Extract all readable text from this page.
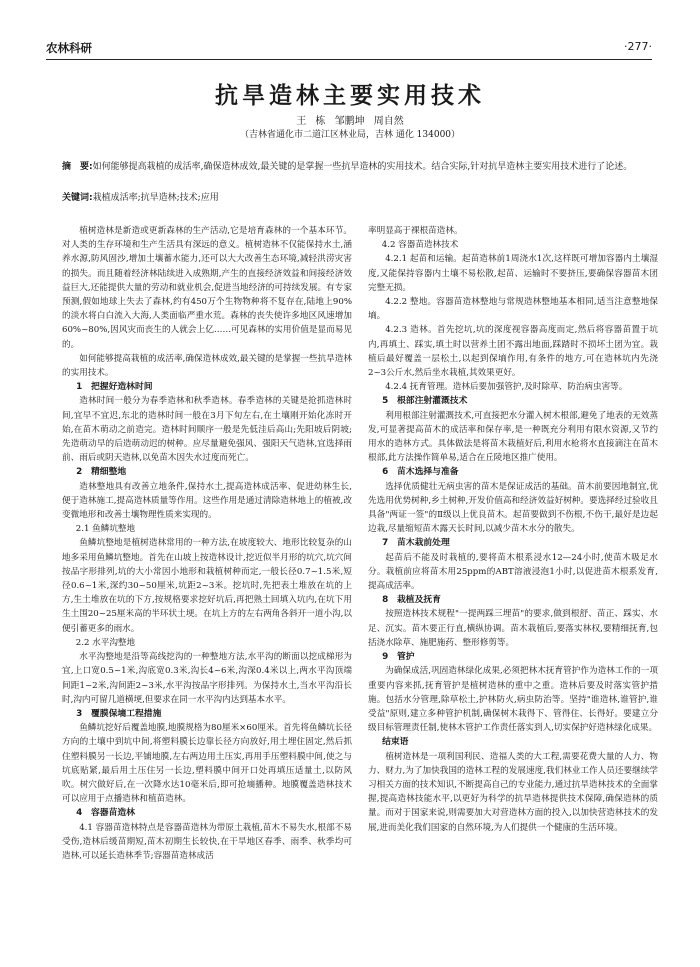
农林科研	·277·
抗旱造林主要实用技术
王 栋 邹鹏坤 周自然
（吉林省通化市二道江区林业局，吉林 通化 134000）
摘　要:如何能够提高栽植的成活率,确保造林成效,最关键的是掌握一些抗旱造林的实用技术。结合实际,针对抗旱造林主要实用技术进行了论述。
关键词:栽植成活率;抗旱造林;技术;应用

植树造林是新造或更新森林的生产活动,它是培育森林的一个基本环节。对人类的生存环境和生产生活具有深远的意义。植树造林不仅能保持水土,涵养水源,防风固沙,增加土壤蓄水能力,还可以大大改善生态环境,减轻洪涝灾害的损失。而且随着经济林陆续进入成熟期,产生的直接经济效益和间接经济效益巨大,还能提供大量的劳动和就业机会,促进当地经济的可持续发展。有专家预测,假如地球上失去了森林,约有450万个生物物种将不复存在,陆地上90%的淡水将白白流入大海,人类面临严重水荒。森林的丧失使许多地区风速增加60%~80%,因风灾而丧生的人就会上亿……可见森林的实用价值是显而易见的。

如何能够提高栽植的成活率,确保造林成效,最关键的是掌握一些抗旱造林的实用技术。

1　把握好造林时间

造林时间一般分为春季造林和秋季造林。春季造林的关键是抢抓造林时间,宜早不宜迟,东北的造林时间一般在3月下旬左右,在土壤刚开始化冻时开始,在苗木萌动之前造完。造林时间顺序一般是先低洼后高山;先阳坡后阴坡;先造萌动早的后造萌动迟的树种。应尽量避免强风、强阳天气造林,宜选择雨前、雨后或阴天造林,以免苗木因失水过度而死亡。

2　精细整地

造林整地具有改善立地条件,保持水土,提高造林成活率、促进幼林生长,便于造林施工,提高造林质量等作用。这些作用是通过清除造林地上的植被,改变微地形和改善土壤物理性质来实现的。

2.1 鱼鳞坑整地

鱼鳞坑整地是植树造林常用的一种方法,在坡度较大、地形比较复杂的山地多采用鱼鳞坑整地。首先在山坡上按造林设计,挖近似半月形的坑穴,坑穴间按品字形排列,坑的大小常因小地形和栽植树种而定,一般长径0.7~1.5米,短径0.6~1米,深约30~50厘米,坑距2~3米。挖坑时,先把表土堆放在坑的上方,生土堆放在坑的下方,按规格要求挖好坑后,再把熟土回填入坑内,在坑下用生土围20~25厘米高的半环状土埂。在坑上方的左右两角各斜开一道小沟,以便引蓄更多的雨水。

2.2 水平沟整地

水平沟整地是沿等高线挖沟的一种整地方法,水平沟的断面以挖成梯形为宜,上口宽0.5~1米,沟底宽0.3米,沟长4~6米,沟深0.4米以上,两水平沟顶端间距1~2米,沟间距2~3米,水平沟按品字形排列。为保持水土,当水平沟沿长时,沟内可留几道横埂,但要求在同一水平沟内达到基本水平。

3　覆膜保墒工程措施

鱼鳞坑挖好后覆盖地膜,地膜规格为80厘米×60厘米。首先将鱼鳞坑长径方向的土壤中到坑中间,将塑料膜长边靠长径方向放好,用土埋住固定,然后抓住塑料膜另一长边,平铺地膜,左右两边用土压实,再用手压塑料膜中间,使之与坑底贴紧,最后用土压住另一长边,塑料膜中间开口处再填压适量土,以防风吹。树穴做好后,在一次降水达10毫米后,即可抢墒播种。地膜覆盖造林技术可以应用于点播造林和植苗造林。

4　容器苗造林

4.1 容器苗造林特点是容器苗造林为带原土栽植,苗木不易失水,根部不易受伤,造林后缓苗期短,苗木初期生长较快,在干旱地区春季、雨季、秋季均可造林,可以延长造林季节;容器苗造林成活

率明显高于裸根苗造林。

4.2 容器苗造林技术

4.2.1 起苗和运输。起苗造林前1周浇水1次,这样既可增加容器内土壤湿度,又能保持容器内土壤不易松散,起苗、运输时不要挤压,要确保容器苗木团完整无损。

4.2.2 整地。容器苗造林整地与常规造林整地基本相同,适当注意整地保墒。

4.2.3 造林。首先挖坑,坑的深度视容器高度而定,然后将容器苗置于坑内,再填土、踩实,填土时以营养土团不露出地面,踩踏时不损坏土团为宜。栽植后最好覆盖一层松土,以起到保墒作用,有条件的地方,可在造林坑内先浇2~3公斤水,然后坐水栽植,其效果更好。

4.2.4 抚育管理。造林后要加强管护,及时除草、防治病虫害等。

5　根部注射灌溉技术

利用根部注射灌溉技术,可直接把水分灌入树木根部,避免了地表的无效蒸发,可显著提高苗木的成活率和保存率,是一种既充分利用有限水资源,又节约用水的造林方式。具体做法是将苗木栽植好后,利用水枪将水直接滴注在苗木根部,此方法操作简单易,适合在丘陵地区推广使用。

6　苗木选择与准备

选择优质健壮无病虫害的苗木是保证成活的基础。苗木前要因地制宜,优先选用优势树种,乡土树种,开发价值高和经济效益好树种。要选择经过验收且具备"两证一签"的Ⅱ级以上优良苗木。起苗要做到不伤根,不伤干,最好是边起边栽,尽量缩短苗木露天长时间,以减少苗木水分的散失。

7　苗木栽前处理

起苗后不能及时栽植的,要将苗木根系浸水12—24小时,使苗木吸足水分。栽植前应将苗木用25ppm的ABT溶液浸泡1小时,以促进苗木根系发育,提高成活率。

8　栽植及抚育

按照造林技术规程"一提两踩三埋苗"的要求,做到根舒、苗正、踩实、水足、沉实。苗木要正行直,横纵协调。苗木栽植后,要落实林权,要精细抚育,包括浇水除草、施肥施药、整形修剪等。

9　管护

为确保成活,巩固造林绿化成果,必须把林木抚育管护作为造林工作的一项重要内容来抓,抚育管护是植树造林的重中之重。造林后要及时落实管护措施。包括水分管理,除草松土,护林防火,病虫防治等。坚持"谁造林,谁管护,谁受益"原则,建立多种管护机制,确保树木栽得下、管得住、长得好。要建立分级目标管理责任制,使林木管护工作责任落实到人,切实保护好造林绿化成果。

结束语

植树造林是一项利国利民、造福人类的大工程,需要花费大量的人力、物力、财力,为了加快我国的造林工程的发展速度,我们林业工作人员还要继续学习相关方面的技术知识,不断提高自己的专业能力,通过抗旱造林技术的全面掌握,提高造林技能水平,以更好为科学的抗旱造林提供技术保障,确保造林的质量。而对于国家来说,则需要加大对营造林方面的投入,以加快营造林技术的发展,进而美化我们国家的自然环境,为人们提供一个健康的生活环境。
